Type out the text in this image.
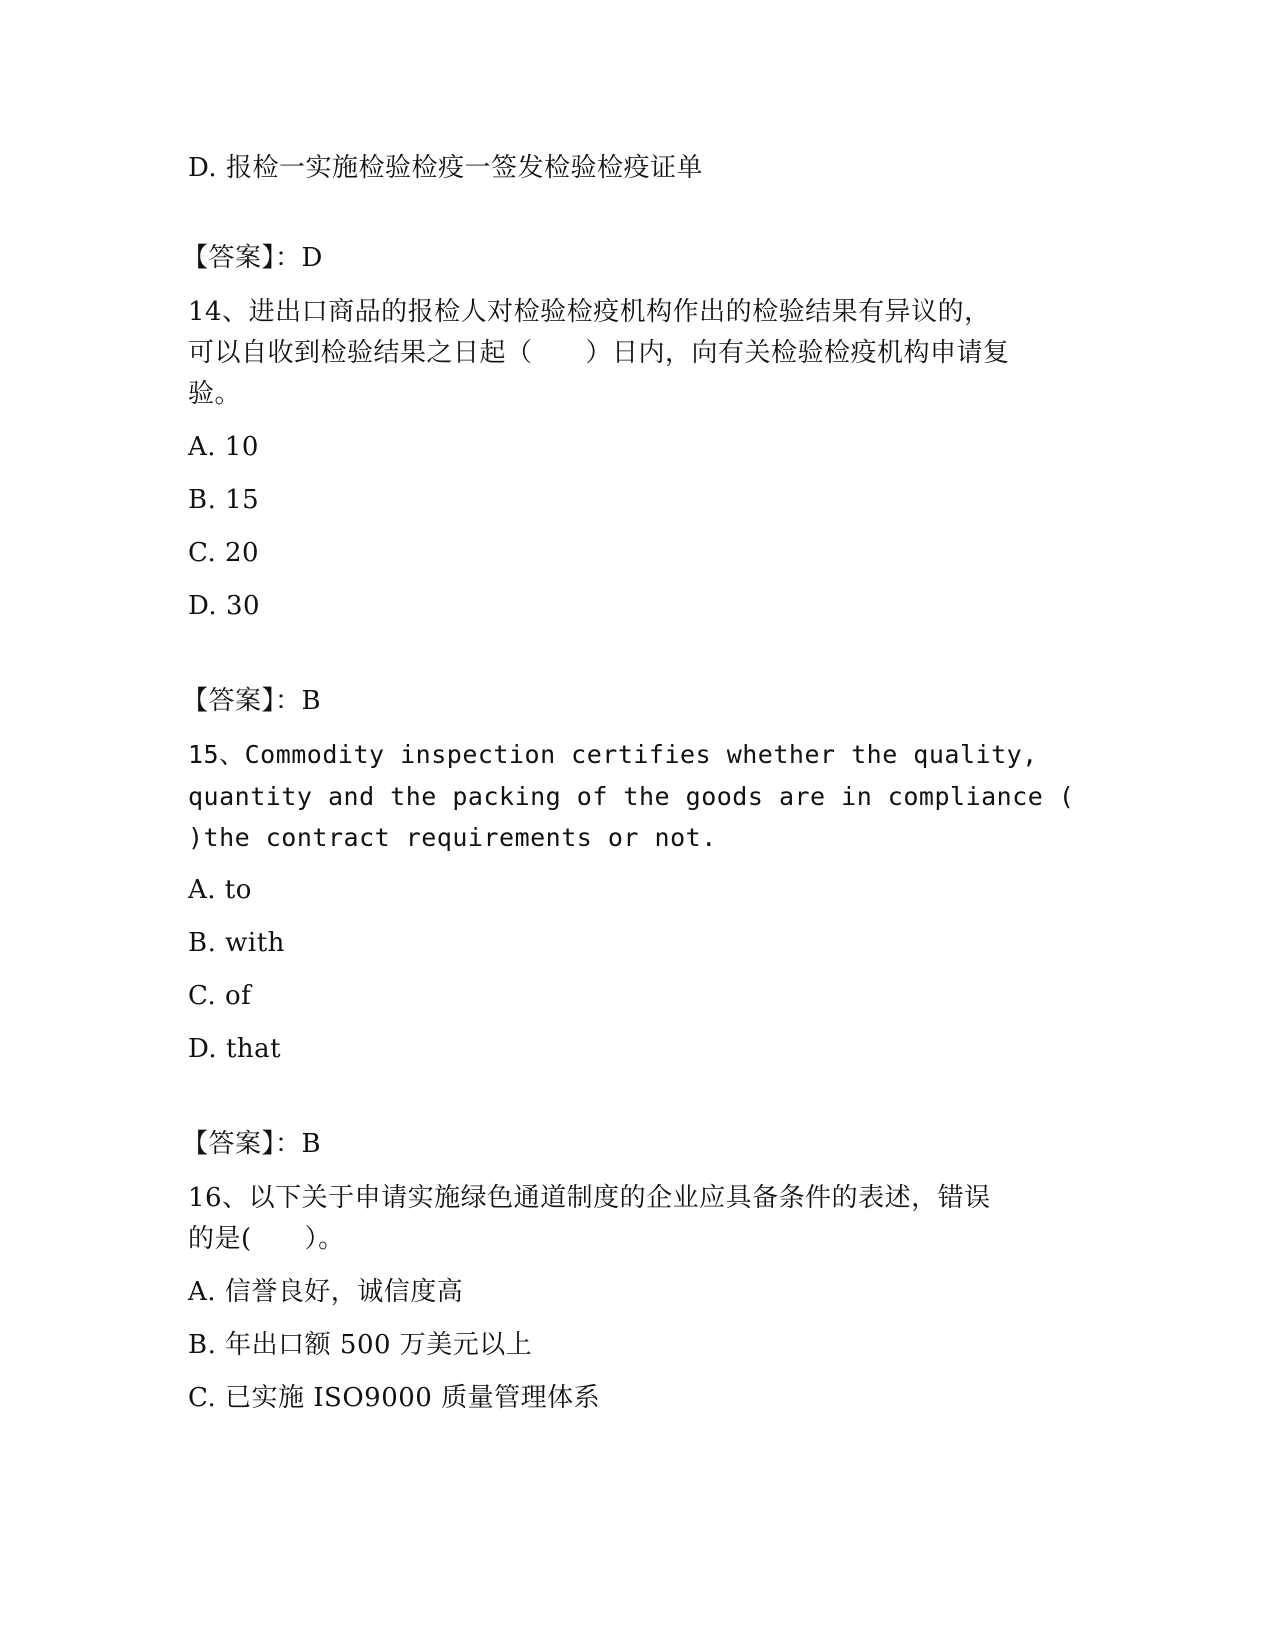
D. 报检一实施检验检疫一签发检验检疫证单
【答案】：D
14、进出口商品的报检人对检验检疫机构作出的检验结果有异议的，
可以自收到检验结果之日起（　　）日内，向有关检验检疫机构申请复
验。
A. 10
B. 15
C. 20
D. 30
【答案】：B
15、Commodity inspection certifies whether the quality,
quantity and the packing of the goods are in compliance (
)the contract requirements or not.
A. to
B. with
C. of
D. that
【答案】：B
16、以下关于申请实施绿色通道制度的企业应具备条件的表述，错误
的是(　　）。
A. 信誉良好，诚信度高
B. 年出口额 500 万美元以上
C. 已实施 ISO9000 质量管理体系
